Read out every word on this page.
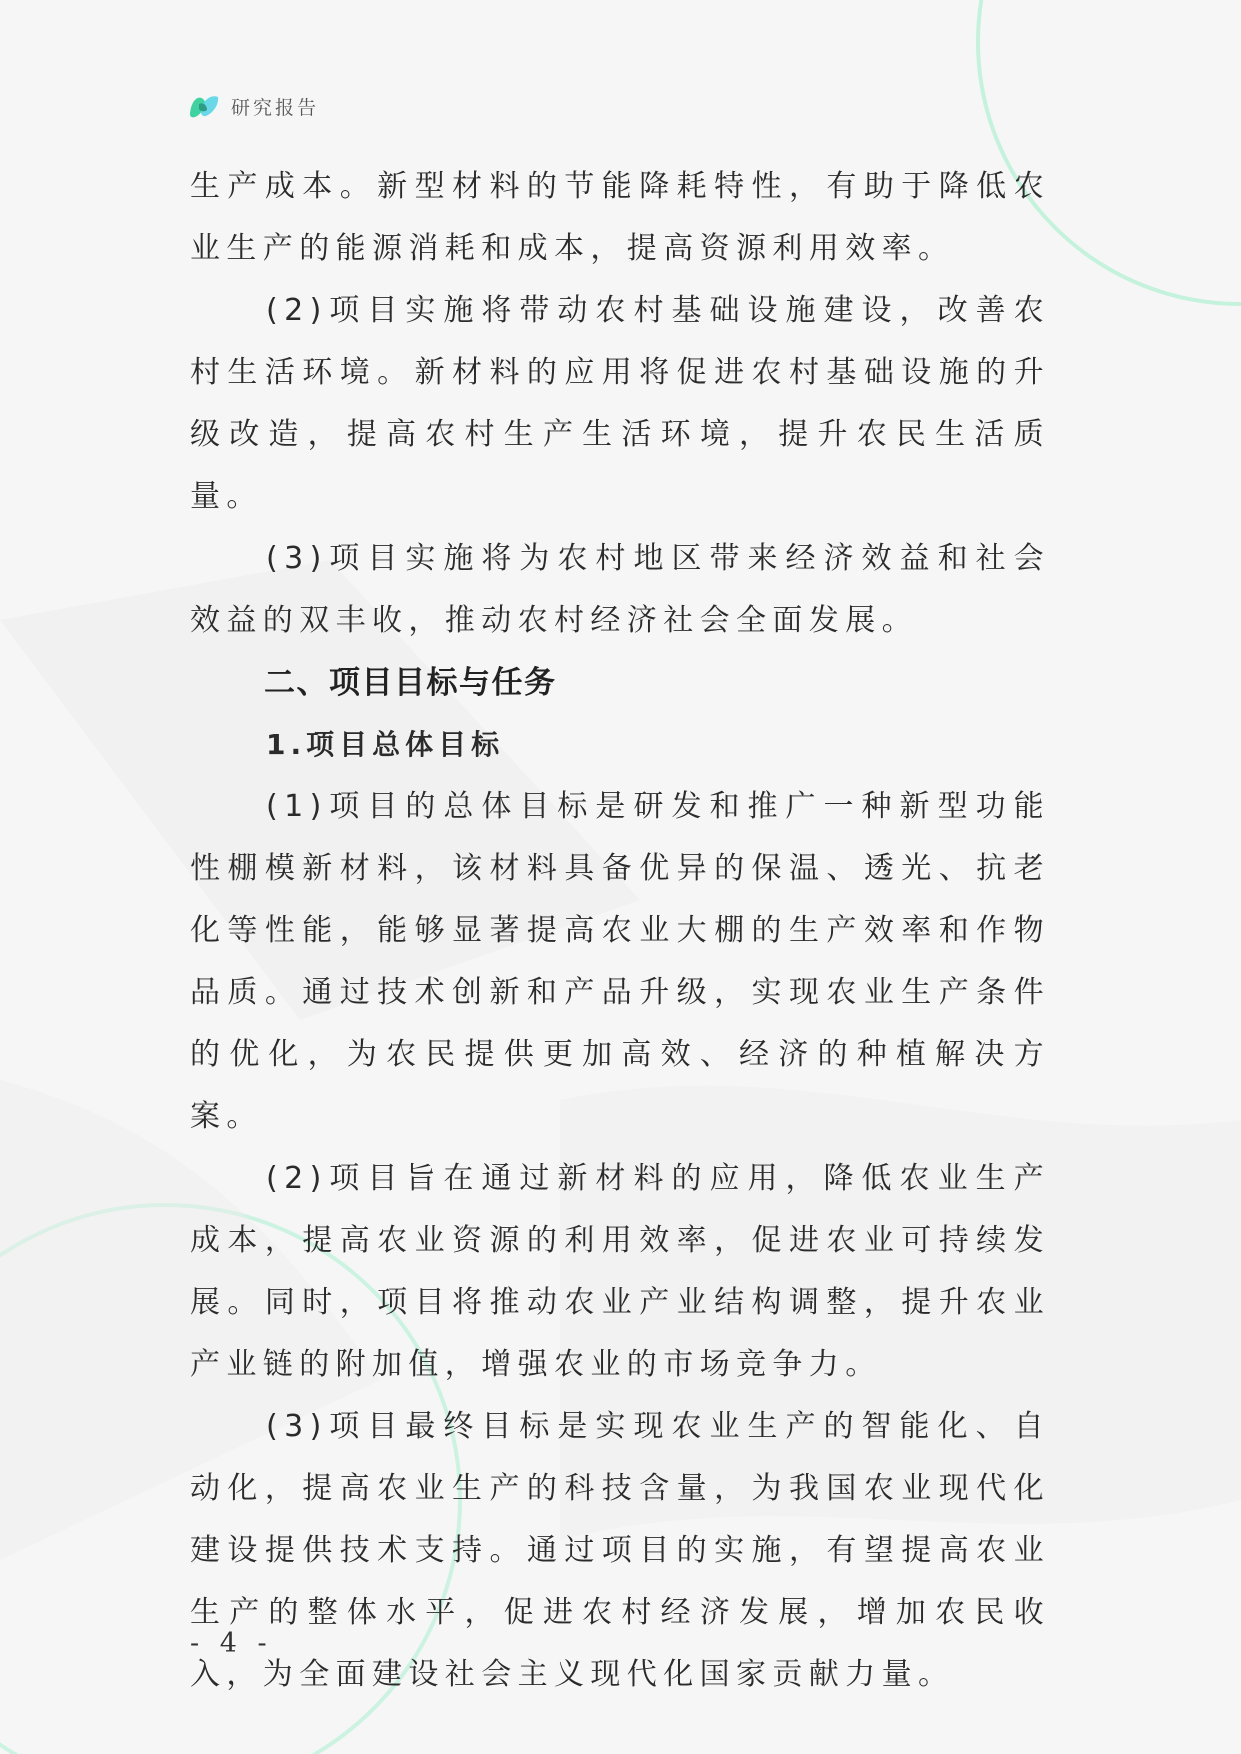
研究报告

生产成本。新型材料的节能降耗特性，有助于降低农业生产的能源消耗和成本，提高资源利用效率。

(2)项目实施将带动农村基础设施建设，改善农村生活环境。新材料的应用将促进农村基础设施的升级改造，提高农村生产生活环境，提升农民生活质量。

(3)项目实施将为农村地区带来经济效益和社会效益的双丰收，推动农村经济社会全面发展。

二、项目目标与任务
1.项目总体目标

(1)项目的总体目标是研发和推广一种新型功能性棚模新材料，该材料具备优异的保温、透光、抗老化等性能，能够显著提高农业大棚的生产效率和作物品质。通过技术创新和产品升级，实现农业生产条件的优化，为农民提供更加高效、经济的种植解决方案。

(2)项目旨在通过新材料的应用，降低农业生产成本，提高农业资源的利用效率，促进农业可持续发展。同时，项目将推动农业产业结构调整，提升农业产业链的附加值，增强农业的市场竞争力。

(3)项目最终目标是实现农业生产的智能化、自动化，提高农业生产的科技含量，为我国农业现代化建设提供技术支持。通过项目的实施，有望提高农业生产的整体水平，促进农村经济发展，增加农民收入，为全面建设社会主义现代化国家贡献力量。

- 4 -
